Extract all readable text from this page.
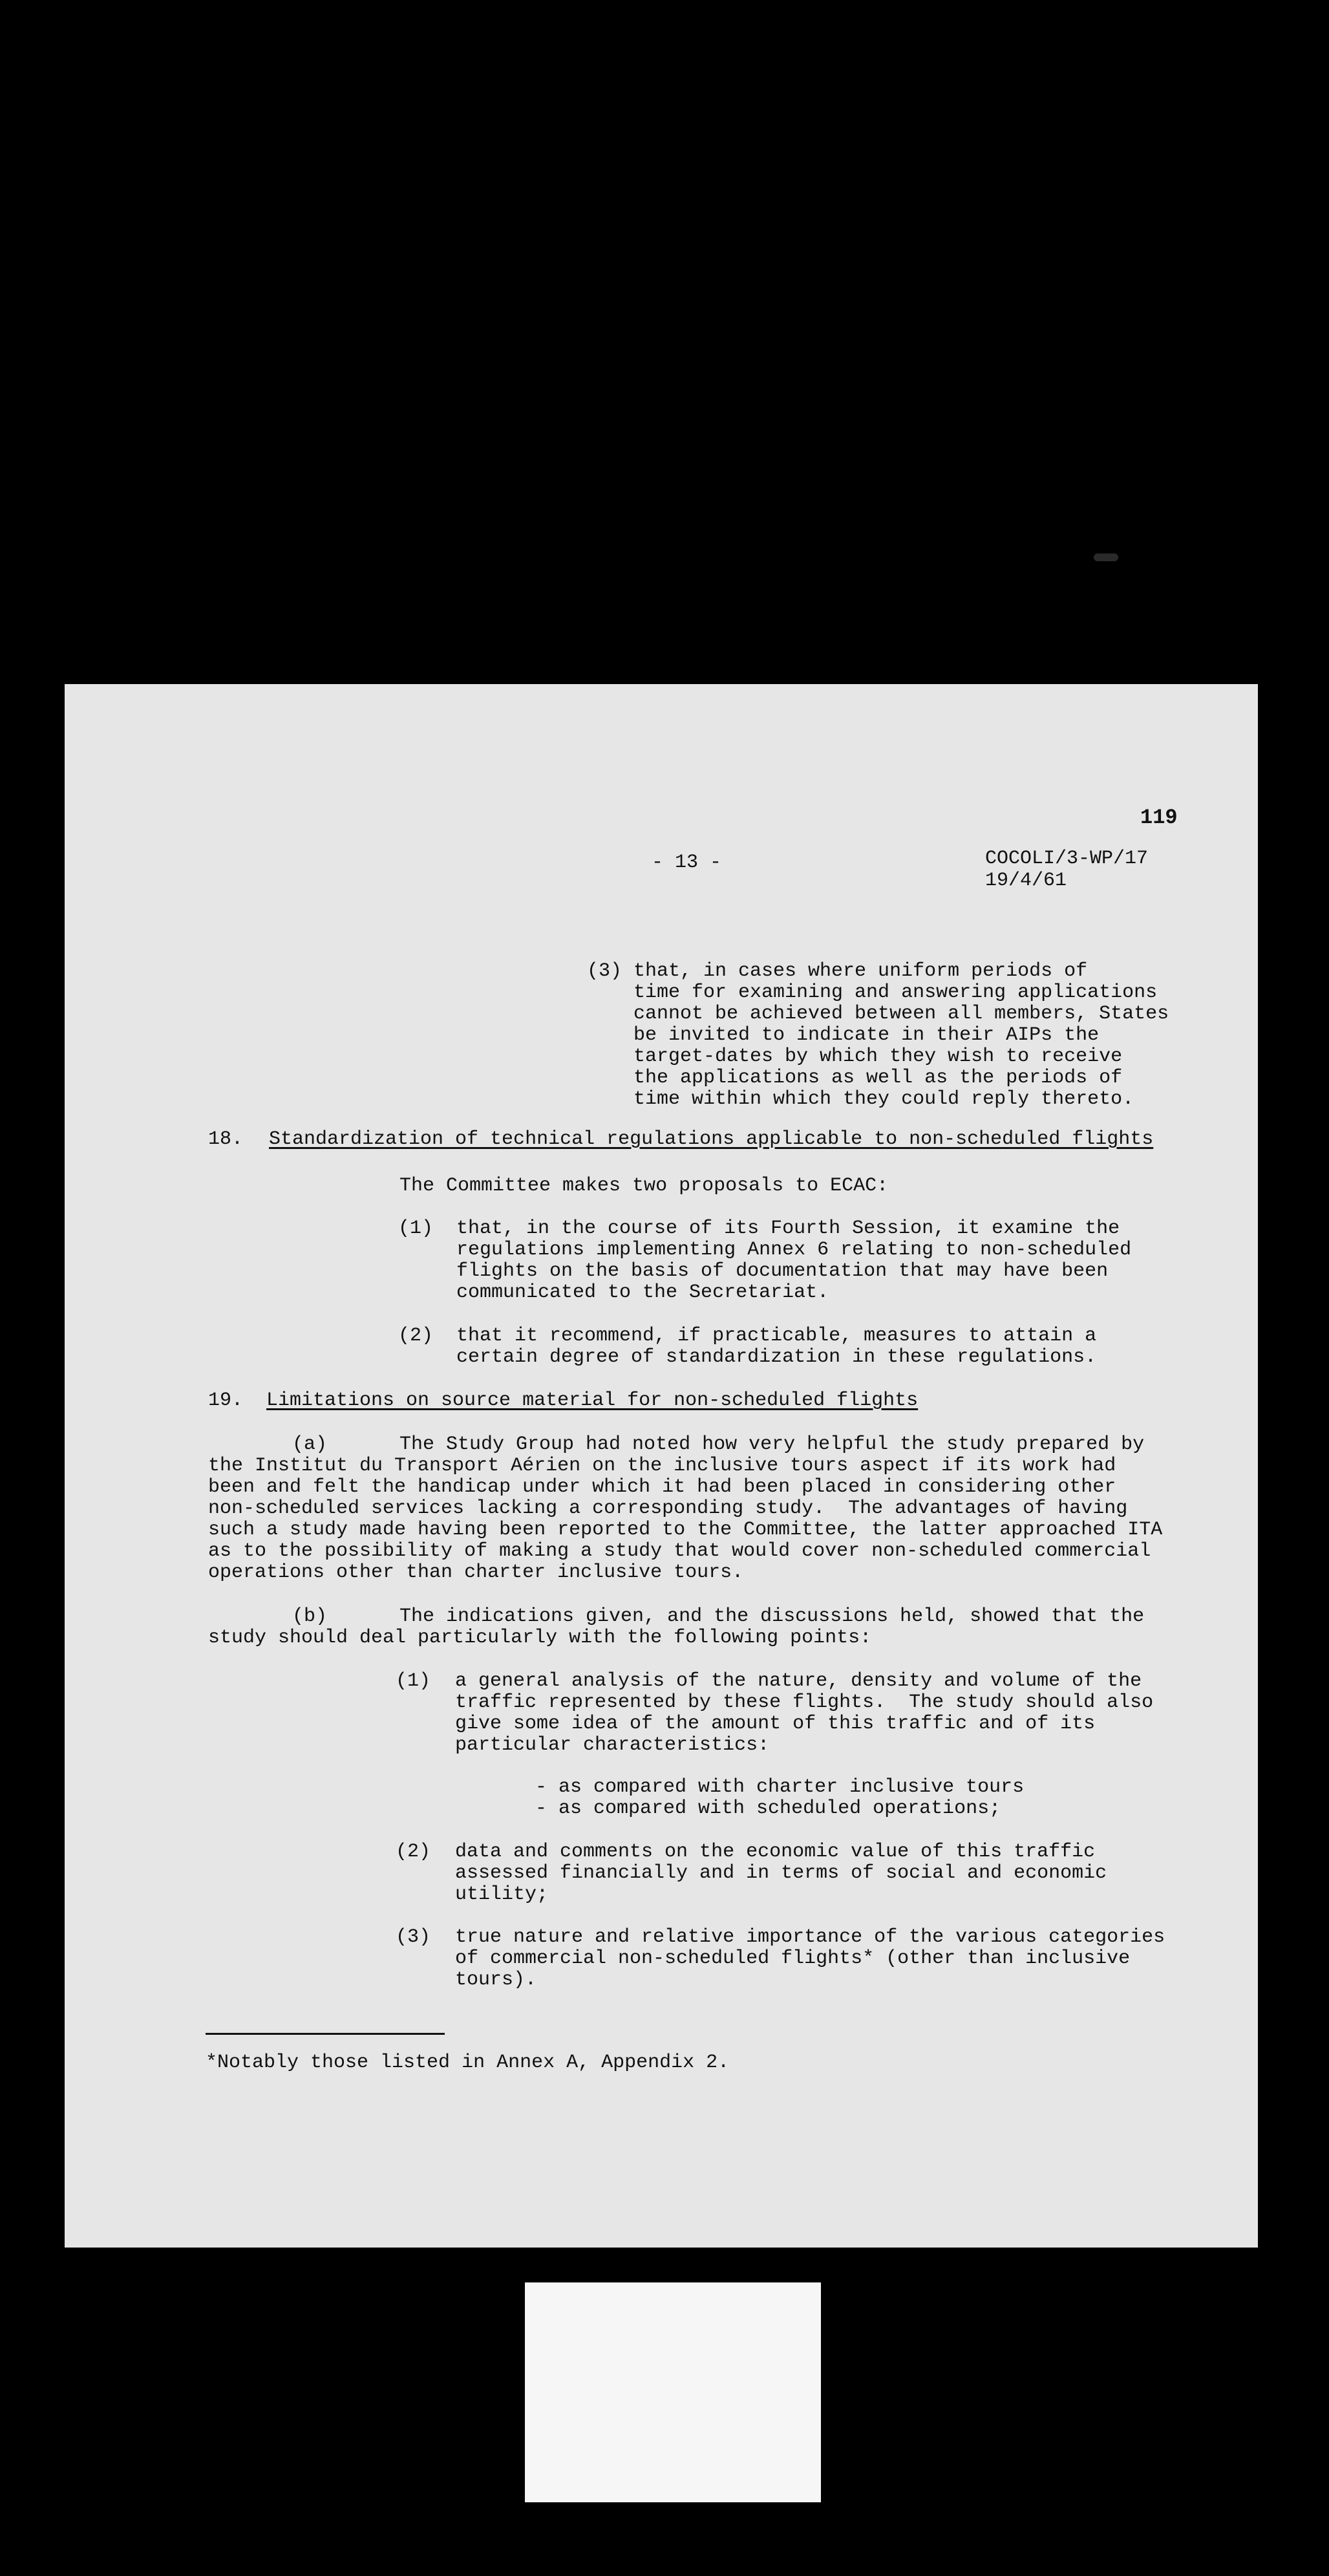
119
- 13 -	COCOLI/3-WP/17
19/4/61
(3) that, in cases where uniform periods of
time for examining and answering applications
cannot be achieved between all members, States
be invited to indicate in their AIPs the
target-dates by which they wish to receive
the applications as well as the periods of
time within which they could reply thereto.
18. Standardization of technical regulations applicable to non-scheduled flights
The Committee makes two proposals to ECAC:
(1) that, in the course of its Fourth Session, it examine the
regulations implementing Annex 6 relating to non-scheduled
flights on the basis of documentation that may have been
communicated to the Secretariat.
(2) that it recommend, if practicable, measures to attain a
certain degree of standardization in these regulations.
19. Limitations on source material for non-scheduled flights
(a)	The Study Group had noted how very helpful the study prepared by
the Institut du Transport Aérien on the inclusive tours aspect if its work had
been and felt the handicap under which it had been placed in considering other
non-scheduled services lacking a corresponding study.  The advantages of having
such a study made having been reported to the Committee, the latter approached ITA
as to the possibility of making a study that would cover non-scheduled commercial
operations other than charter inclusive tours.
(b)	The indications given, and the discussions held, showed that the
study should deal particularly with the following points:
(1) a general analysis of the nature, density and volume of the
traffic represented by these flights.  The study should also
give some idea of the amount of this traffic and of its
particular characteristics:
- as compared with charter inclusive tours
- as compared with scheduled operations;
(2) data and comments on the economic value of this traffic
assessed financially and in terms of social and economic
utility;
(3) true nature and relative importance of the various categories
of commercial non-scheduled flights* (other than inclusive
tours).
*Notably those listed in Annex A, Appendix 2.
